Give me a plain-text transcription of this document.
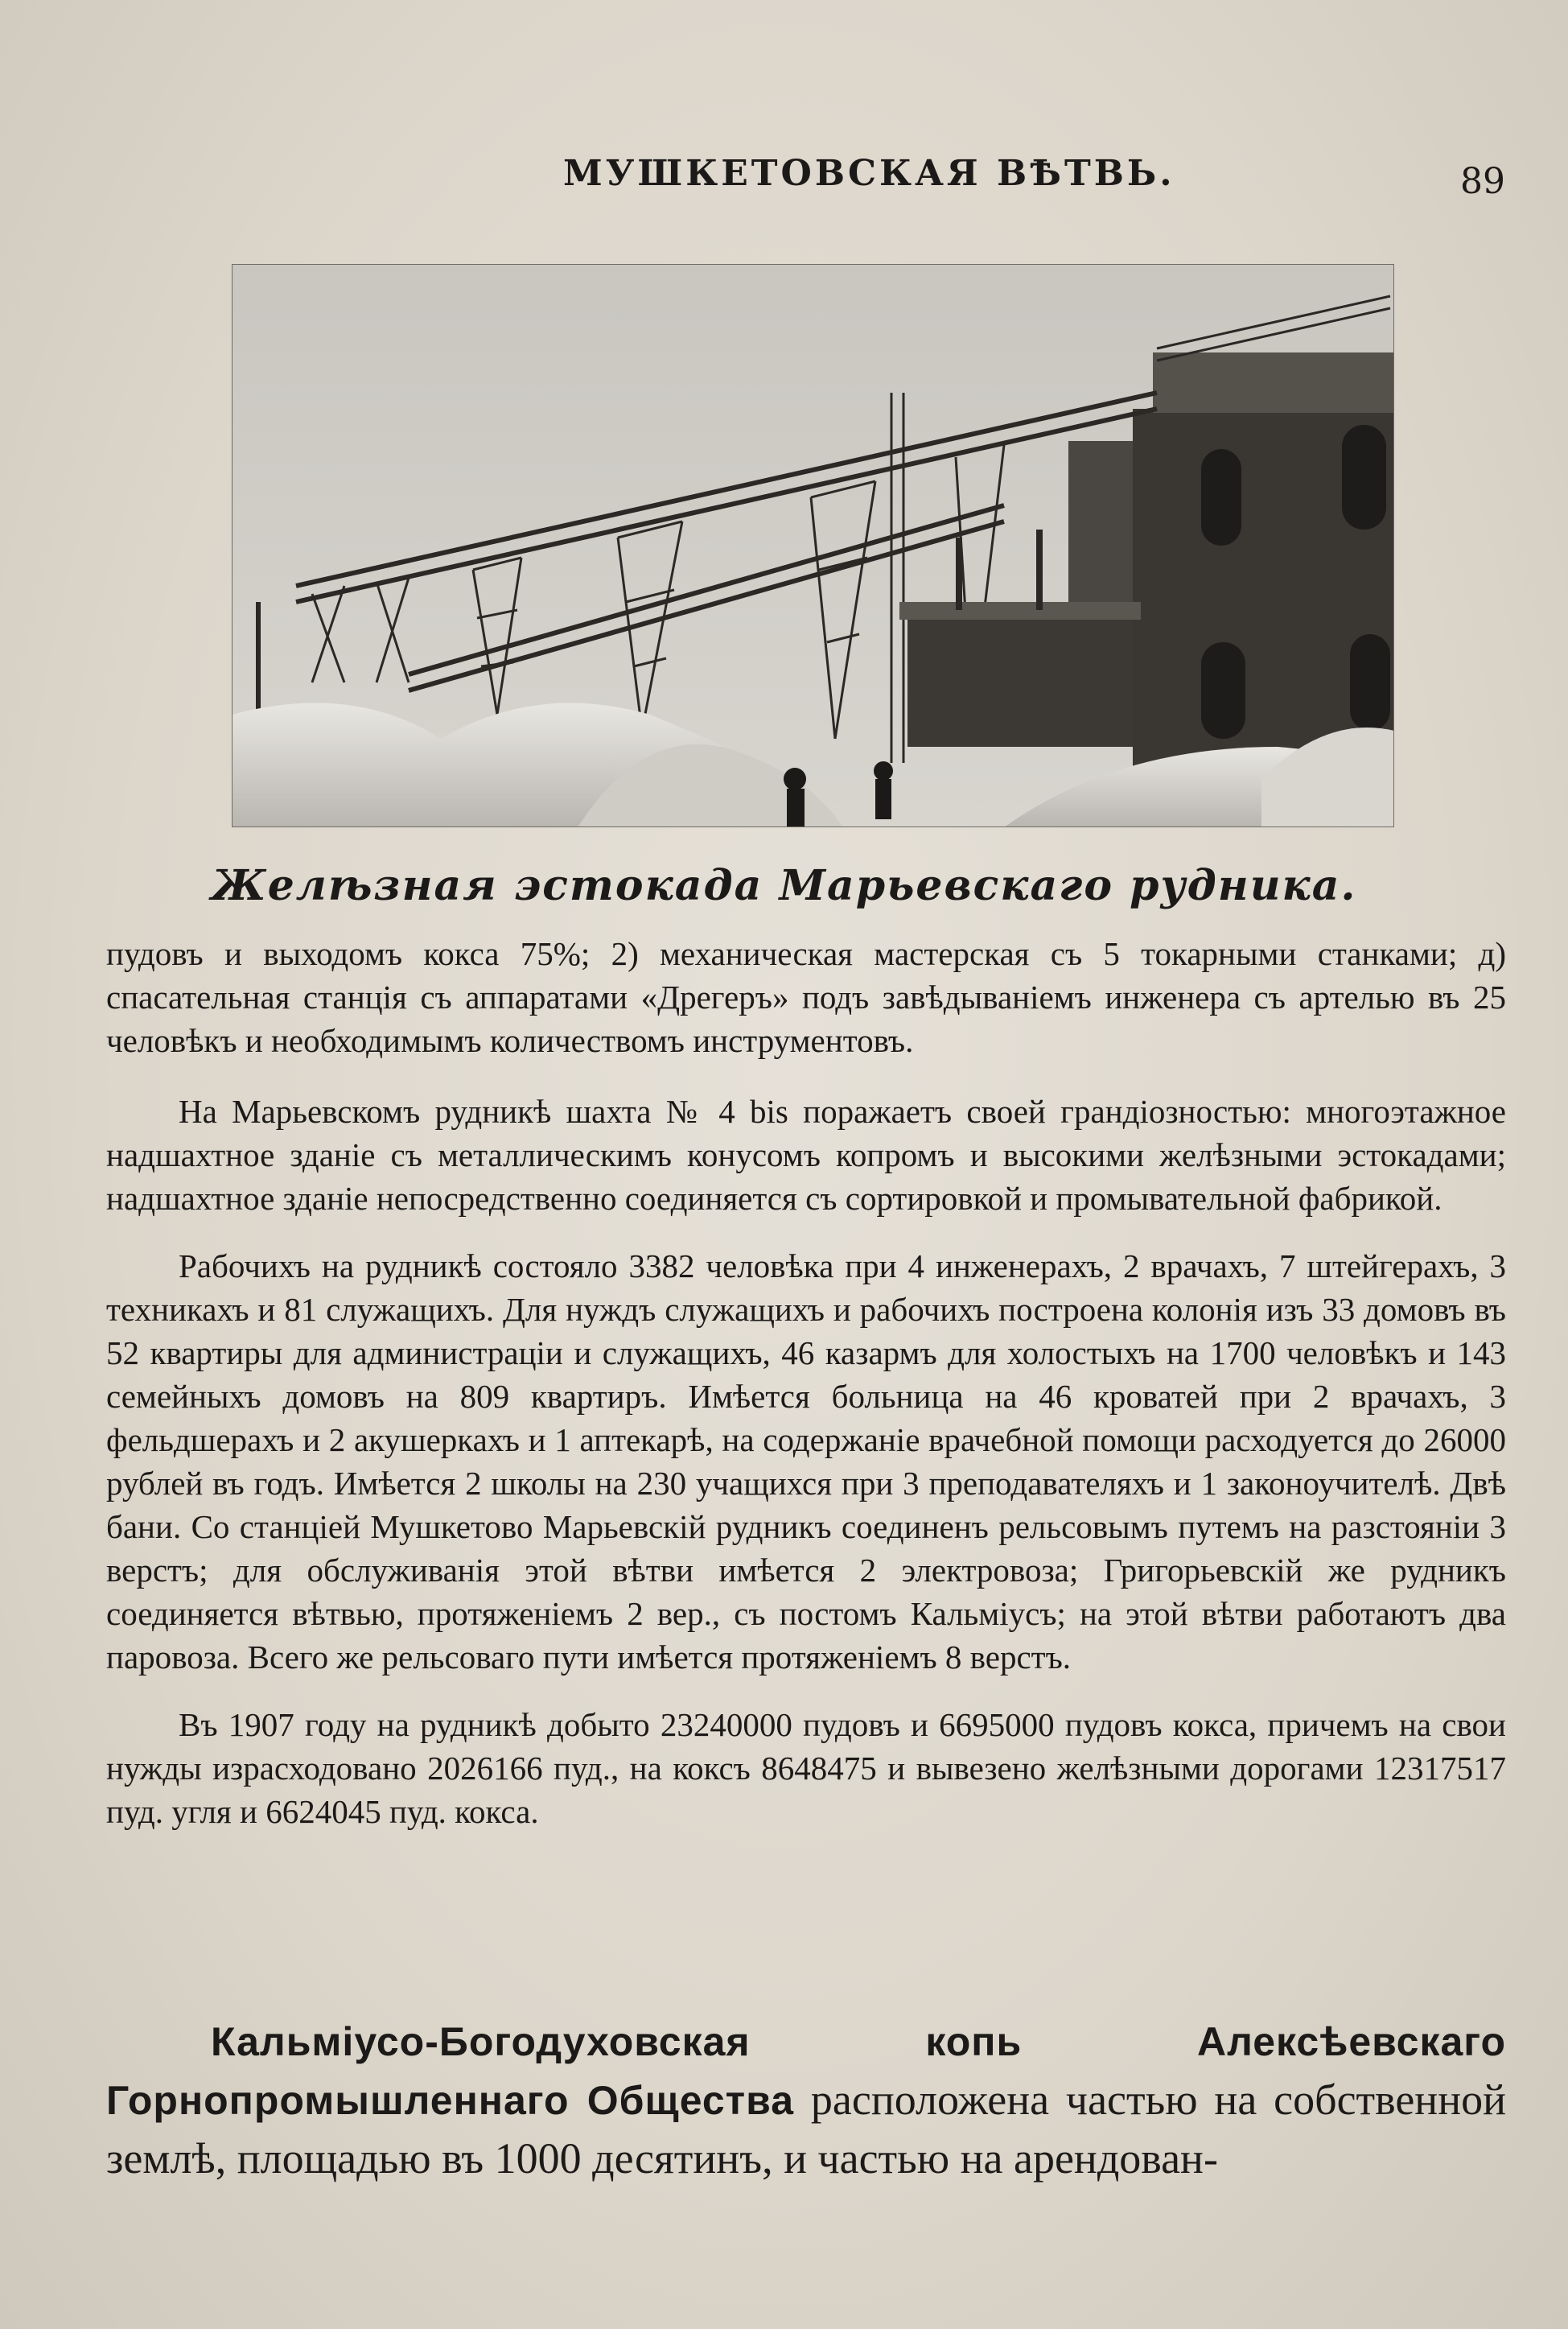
МУШКЕТОВСКАЯ ВѢТВЬ.	89
Желѣзная эстокада Марьевскаго рудника.

пудовъ и выходомъ кокса 75%; 2) механическая мастерская съ 5 токарными станками; д) спасательная станція съ аппаратами «Дрегеръ» подъ завѣдываніемъ инженера съ артелью въ 25 человѣкъ и необходимымъ количествомъ инструментовъ.

На Марьевскомъ рудникѣ шахта № 4 bis поражаетъ своей грандіозностью: многоэтажное надшахтное зданіе съ металлическимъ конусомъ копромъ и высокими желѣзными эстокадами; надшахтное зданіе непосредственно соединяется съ сортировкой и промывательной фабрикой.

Рабочихъ на рудникѣ состояло 3382 человѣка при 4 инженерахъ, 2 врачахъ, 7 штейгерахъ, 3 техникахъ и 81 служащихъ. Для нуждъ служащихъ и рабочихъ построена колонія изъ 33 домовъ въ 52 квартиры для администраціи и служащихъ, 46 казармъ для холостыхъ на 1700 человѣкъ и 143 семейныхъ домовъ на 809 квартиръ. Имѣется больница на 46 кроватей при 2 врачахъ, 3 фельдшерахъ и 2 акушеркахъ и 1 аптекарѣ, на содержаніе врачебной помощи расходуется до 26000 рублей въ годъ. Имѣется 2 школы на 230 учащихся при 3 преподавателяхъ и 1 законоучителѣ. Двѣ бани. Со станціей Мушкетово Марьевскій рудникъ соединенъ рельсовымъ путемъ на разстояніи 3 верстъ; для обслуживанія этой вѣтви имѣется 2 электровоза; Григорьевскій же рудникъ соединяется вѣтвью, протяженіемъ 2 вер., съ постомъ Кальміусъ; на этой вѣтви работаютъ два паровоза. Всего же рельсоваго пути имѣется протяженіемъ 8 верстъ.

Въ 1907 году на рудникѣ добыто 23240000 пудовъ и 6695000 пудовъ кокса, причемъ на свои нужды израсходовано 2026166 пуд., на коксъ 8648475 и вывезено желѣзными дорогами 12317517 пуд. угля и 6624045 пуд. кокса.

Кальміусо-Богодуховская копь Алексѣевскаго Горнопромышленнаго Общества расположена частью на собственной землѣ, площадью въ 1000 десятинъ, и частью на арендован-
